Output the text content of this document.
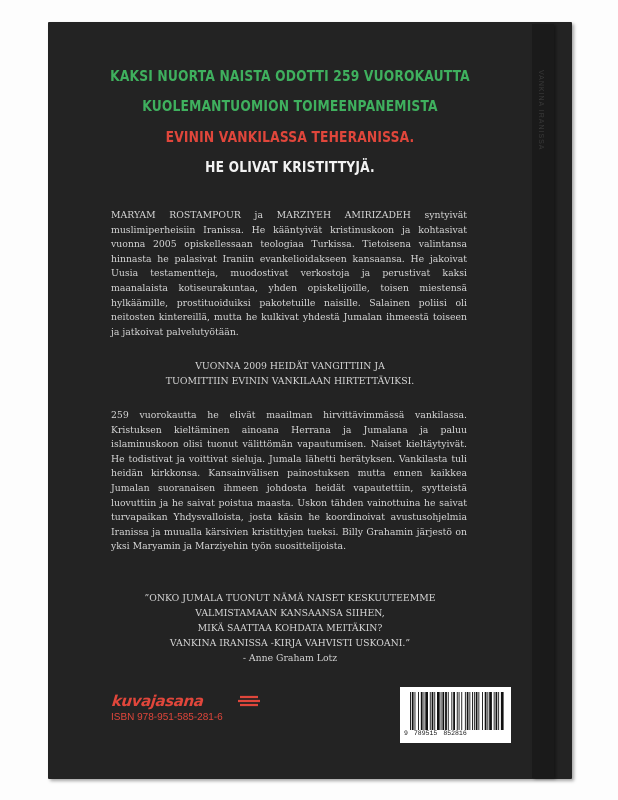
VANKINA IRANISSA
KAKSI NUORTA NAISTA ODOTTI 259 VUOROKAUTTA
KUOLEMANTUOMION TOIMEENPANEMISTA
EVININ VANKILASSA TEHERANISSA.
HE OLIVAT KRISTITTYJÄ.

MARYAM ROSTAMPOUR ja MARZIYEH AMIRIZADEH syntyivät muslimiperheisiin Iranissa. He kääntyivät kristinuskoon ja kohtasivat vuonna 2005 opiskellessaan teologiaa Turkissa. Tietoisena valintansa hinnasta he palasivat Iraniin evankelioidakseen kansaansa. He jakoivat Uusia testamentteja, muodostivat verkostoja ja perustivat kaksi maanalaista kotiseurakuntaa, yhden opiskelijoille, toisen miestensä hylkäämille, prostituoiduiksi pakotetuille naisille. Salainen poliisi oli neitosten kintereillä, mutta he kulkivat yhdestä Jumalan ihmeestä toiseen ja jatkoivat palvelutyötään.

VUONNA 2009 HEIDÄT VANGITTIIN JA
TUOMITTIIN EVININ VANKILAAN HIRTETTÄVIKSI.

259 vuorokautta he elivät maailman hirvittävimmässä vankilassa. Kristuksen kieltäminen ainoana Herrana ja Jumalana ja paluu islaminuskoon olisi tuonut välittömän vapautumisen. Naiset kieltäytyivät. He todistivat ja voittivat sieluja. Jumala lähetti herätyksen. Vankilasta tuli heidän kirkkonsa. Kansainvälisen painostuksen mutta ennen kaikkea Jumalan suoranaisen ihmeen johdosta heidät vapautettiin, syytteistä luovuttiin ja he saivat poistua maasta. Uskon tähden vainottuina he saivat turvapaikan Yhdysvalloista, josta käsin he koordinoivat avustusohjelmia Iranissa ja muualla kärsivien kristittyjen tueksi. Billy Grahamin järjestö on yksi Maryamin ja Marziyehin työn suosittelijoista.

”ONKO JUMALA TUONUT NÄMÄ NAISET KESKUUTEEMME
VALMISTAMAAN KANSAANSA SIIHEN,
MIKÄ SAATTAA KOHDATA MEITÄKIN?
VANKINA IRANISSA -KIRJA VAHVISTI USKOANI.”
- Anne Graham Lotz
kuvajasana
ISBN 978-951-585-281-6
9 789515 852816
